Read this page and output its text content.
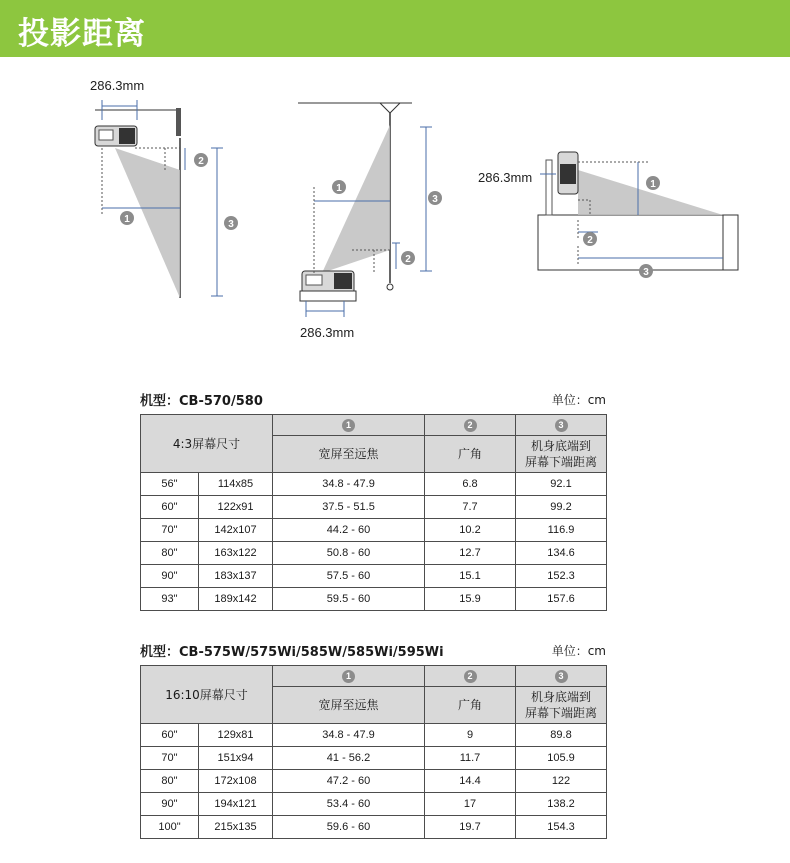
投影距离
286.3mm
1
2
3
1
2
3
286.3mm
1
2
3
286.3mm
机型：CB-570/580	单位：cm
4:3屏幕尺寸		1	2	3
		宽屏至远焦	广角	机身底端到
屏幕下端距离
56"	114x85	34.8 - 47.9	6.8	92.1
60"	122x91	37.5 - 51.5	7.7	99.2
70"	142x107	44.2 - 60	10.2	116.9
80"	163x122	50.8 - 60	12.7	134.6
90"	183x137	57.5 - 60	15.1	152.3
93"	189x142	59.5 - 60	15.9	157.6
机型：CB-575W/575Wi/585W/585Wi/595Wi	单位：cm
16:10屏幕尺寸		1	2	3
		宽屏至远焦	广角	机身底端到
屏幕下端距离
60"	129x81	34.8 - 47.9	9	89.8
70"	151x94	41 - 56.2	11.7	105.9
80"	172x108	47.2 - 60	14.4	122
90"	194x121	53.4 - 60	17	138.2
100"	215x135	59.6 - 60	19.7	154.3
